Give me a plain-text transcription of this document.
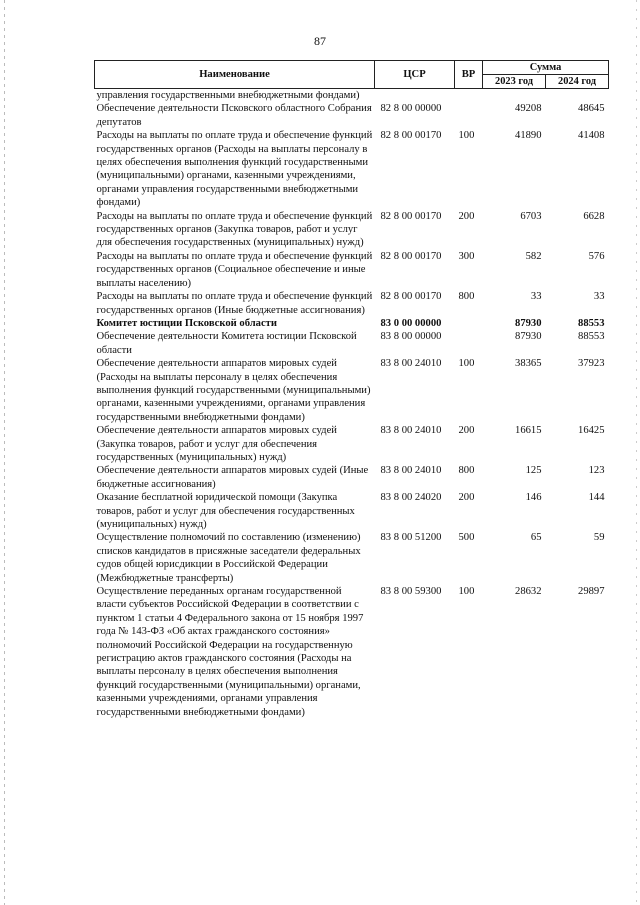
87
Наименование	ЦСР	ВР	Сумма	
			2023 год	2024 год
управления государственными внебюджетными фондами)				
Обеспечение деятельности Псковского областного Собрания депутатов	82 8 00 00000		49208	48645
Расходы на выплаты по оплате труда и обеспечение функций государственных органов (Расходы на выплаты персоналу в целях обеспечения выполнения функций государственными (муниципальными) органами, казенными учреждениями, органами управления государственными внебюджетными фондами)	82 8 00 00170	100	41890	41408
Расходы на выплаты по оплате труда и обеспечение функций государственных органов (Закупка товаров, работ и услуг для обеспечения государственных (муниципальных) нужд)	82 8 00 00170	200	6703	6628
Расходы на выплаты по оплате труда и обеспечение функций государственных органов (Социальное обеспечение и иные выплаты населению)	82 8 00 00170	300	582	576
Расходы на выплаты по оплате труда и обеспечение функций государственных органов (Иные бюджетные ассигнования)	82 8 00 00170	800	33	33
Комитет юстиции Псковской области	83 0 00 00000		87930	88553
Обеспечение деятельности Комитета юстиции Псковской области	83 8 00 00000		87930	88553
Обеспечение деятельности аппаратов мировых судей (Расходы на выплаты персоналу в целях обеспечения выполнения функций государственными (муниципальными) органами, казенными учреждениями, органами управления государственными внебюджетными фондами)	83 8 00 24010	100	38365	37923
Обеспечение деятельности аппаратов мировых судей (Закупка товаров, работ и услуг для обеспечения государственных (муниципальных) нужд)	83 8 00 24010	200	16615	16425
Обеспечение деятельности аппаратов мировых судей (Иные бюджетные ассигнования)	83 8 00 24010	800	125	123
Оказание бесплатной юридической помощи (Закупка товаров, работ и услуг для обеспечения государственных (муниципальных) нужд)	83 8 00 24020	200	146	144
Осуществление полномочий по составлению (изменению) списков кандидатов в присяжные заседатели федеральных судов общей юрисдикции в Российской Федерации (Межбюджетные трансферты)	83 8 00 51200	500	65	59
Осуществление переданных органам государственной власти субъектов Российской Федерации в соответствии с пунктом 1 статьи 4 Федерального закона от 15 ноября 1997 года № 143-ФЗ «Об актах гражданского состояния» полномочий Российской Федерации на государственную регистрацию актов гражданского состояния (Расходы на выплаты персоналу в целях обеспечения выполнения функций государственными (муниципальными) органами, казенными учреждениями, органами управления государственными внебюджетными фондами)	83 8 00 59300	100	28632	29897
